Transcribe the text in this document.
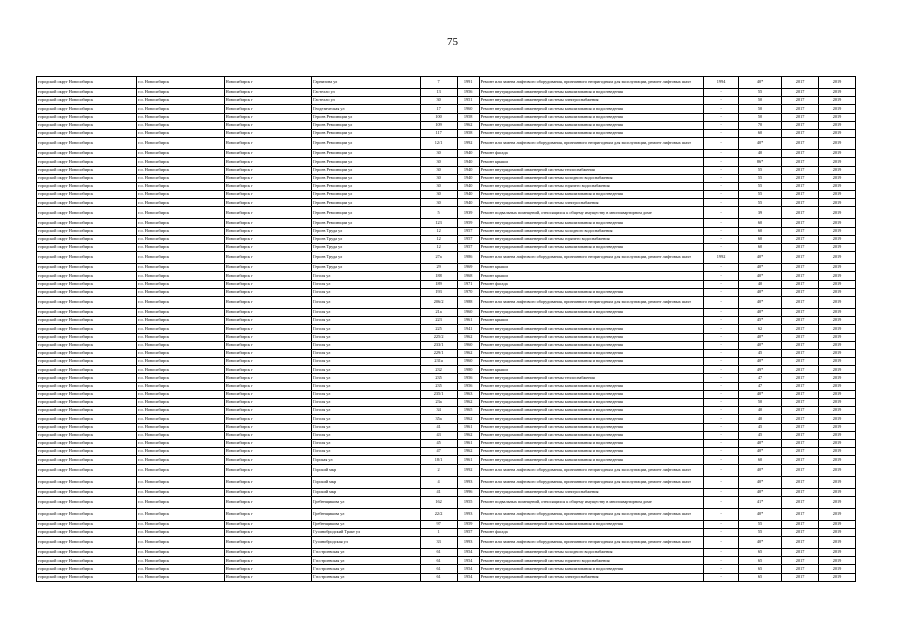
75
городской округ Новосибирск	г.о. Новосибирск	Новосибирск г	Гарнизона ул	7	1991	Ремонт или замена лифтового оборудования, признанного непригодным для эксплуатации, ремонт лифтовых шахт	1994	40*	2017	2019
городской округ Новосибирск	г.о. Новосибирск	Новосибирск г	Гастелло ул	13	1956	Ремонт внутридомовой инженерной системы канализования и водоотведения	-	55	2017	2019
городской округ Новосибирск	г.о. Новосибирск	Новосибирск г	Гастелло ул	30	1951	Ремонт внутридомовой инженерной системы электроснабжения	-	50	2017	2019
городской округ Новосибирск	г.о. Новосибирск	Новосибирск г	Геодезическая ул	17	1960	Ремонт внутридомовой инженерной системы канализования и водоотведения	-	50	2017	2019
городской округ Новосибирск	г.о. Новосибирск	Новосибирск г	Героев Революции ул	100	1958	Ремонт внутридомовой инженерной системы канализования и водоотведения	-	50	2017	2019
городской округ Новосибирск	г.о. Новосибирск	Новосибирск г	Героев Революции ул	109	1962	Ремонт внутридомовой инженерной системы канализования и водоотведения	-	70	2017	2019
городской округ Новосибирск	г.о. Новосибирск	Новосибирск г	Героев Революции ул	117	1958	Ремонт внутридомовой инженерной системы канализования и водоотведения	-	60	2017	2019
городской округ Новосибирск	г.о. Новосибирск	Новосибирск г	Героев Революции ул	12/1	1992	Ремонт или замена лифтового оборудования, признанного непригодным для эксплуатации, ремонт лифтовых шахт	-	40*	2017	2019
городской округ Новосибирск	г.о. Новосибирск	Новосибирск г	Героев Революции ул	30	1940	Ремонт фасада	-	40	2017	2019
городской округ Новосибирск	г.о. Новосибирск	Новосибирск г	Героев Революции ул	30	1940	Ремонт крыши	-	86*	2017	2019
городской округ Новосибирск	г.о. Новосибирск	Новосибирск г	Героев Революции ул	30	1940	Ремонт внутридомовой инженерной системы теплоснабжения	-	55	2017	2019
городской округ Новосибирск	г.о. Новосибирск	Новосибирск г	Героев Революции ул	30	1940	Ремонт внутридомовой инженерной системы холодного водоснабжения	-	55	2017	2019
городской округ Новосибирск	г.о. Новосибирск	Новосибирск г	Героев Революции ул	30	1940	Ремонт внутридомовой инженерной системы горячего водоснабжения	-	55	2017	2019
городской округ Новосибирск	г.о. Новосибирск	Новосибирск г	Героев Революции ул	30	1940	Ремонт внутридомовой инженерной системы канализования и водоотведения	-	55	2017	2019
городской округ Новосибирск	г.о. Новосибирск	Новосибирск г	Героев Революции ул	30	1940	Ремонт внутридомовой инженерной системы электроснабжения	-	55	2017	2019
городской округ Новосибирск	г.о. Новосибирск	Новосибирск г	Героев Революции ул	5	1939	Ремонт подвальных помещений, относящихся к общему имуществу в многоквартирном доме	-	39	2017	2019
городской округ Новосибирск	г.о. Новосибирск	Новосибирск г	Героев Революции ул	123	1959	Ремонт внутридомовой инженерной системы канализования и водоотведения	-	60	2017	2019
городской округ Новосибирск	г.о. Новосибирск	Новосибирск г	Героев Труда ул	12	1957	Ремонт внутридомовой инженерной системы холодного водоснабжения	-	60	2017	2019
городской округ Новосибирск	г.о. Новосибирск	Новосибирск г	Героев Труда ул	12	1957	Ремонт внутридомовой инженерной системы горячего водоснабжения	-	60	2017	2019
городской округ Новосибирск	г.о. Новосибирск	Новосибирск г	Героев Труда ул	12	1957	Ремонт внутридомовой инженерной системы канализования и водоотведения	-	60	2017	2019
городской округ Новосибирск	г.о. Новосибирск	Новосибирск г	Героев Труда ул	27а	1986	Ремонт или замена лифтового оборудования, признанного непригодным для эксплуатации, ремонт лифтовых шахт	1992	40*	2017	2019
городской округ Новосибирск	г.о. Новосибирск	Новосибирск г	Героев Труда ул	29	1969	Ремонт крыши	-	40*	2017	2019
городской округ Новосибирск	г.о. Новосибирск	Новосибирск г	Гоголя ул	188	1968	Ремонт крыши	-	40*	2017	2019
городской округ Новосибирск	г.о. Новосибирск	Новосибирск г	Гоголя ул	189	1971	Ремонт фасада	-	40	2017	2019
городской округ Новосибирск	г.о. Новосибирск	Новосибирск г	Гоголя ул	193	1970	Ремонт внутридомовой инженерной системы канализования и водоотведения	-	40*	2017	2019
городской округ Новосибирск	г.о. Новосибирск	Новосибирск г	Гоголя ул	206/2	1988	Ремонт или замена лифтового оборудования, признанного непригодным для эксплуатации, ремонт лифтовых шахт	-	40*	2017	2019
городской округ Новосибирск	г.о. Новосибирск	Новосибирск г	Гоголя ул	21а	1960	Ремонт внутридомовой инженерной системы канализования и водоотведения	-	40*	2017	2019
городской округ Новосибирск	г.о. Новосибирск	Новосибирск г	Гоголя ул	223	1961	Ремонт крыши	-	45*	2017	2019
городской округ Новосибирск	г.о. Новосибирск	Новосибирск г	Гоголя ул	225	1941	Ремонт внутридомовой инженерной системы канализования и водоотведения	-	62	2017	2019
городской округ Новосибирск	г.о. Новосибирск	Новосибирск г	Гоголя ул	225/2	1962	Ремонт внутридомовой инженерной системы канализования и водоотведения	-	40*	2017	2019
городской округ Новосибирск	г.о. Новосибирск	Новосибирск г	Гоголя ул	233/1	1960	Ремонт внутридомовой инженерной системы канализования и водоотведения	-	40*	2017	2019
городской округ Новосибирск	г.о. Новосибирск	Новосибирск г	Гоголя ул	229/1	1962	Ремонт внутридомовой инженерной системы канализования и водоотведения	-	45	2017	2019
городской округ Новосибирск	г.о. Новосибирск	Новосибирск г	Гоголя ул	231а	1960	Ремонт внутридомовой инженерной системы канализования и водоотведения	-	40*	2017	2019
городской округ Новосибирск	г.о. Новосибирск	Новосибирск г	Гоголя ул	232	1980	Ремонт крыши	-	49*	2017	2019
городской округ Новосибирск	г.о. Новосибирск	Новосибирск г	Гоголя ул	235	1956	Ремонт внутридомовой инженерной системы теплоснабжения	-	47	2017	2019
городской округ Новосибирск	г.о. Новосибирск	Новосибирск г	Гоголя ул	235	1956	Ремонт внутридомовой инженерной системы канализования и водоотведения	-	47	2017	2019
городской округ Новосибирск	г.о. Новосибирск	Новосибирск г	Гоголя ул	235/1	1963	Ремонт внутридомовой инженерной системы канализования и водоотведения	-	40*	2017	2019
городской округ Новосибирск	г.о. Новосибирск	Новосибирск г	Гоголя ул	23а	1962	Ремонт внутридомовой инженерной системы канализования и водоотведения	-	50	2017	2019
городской округ Новосибирск	г.о. Новосибирск	Новосибирск г	Гоголя ул	34	1965	Ремонт внутридомовой инженерной системы канализования и водоотведения	-	40	2017	2019
городской округ Новосибирск	г.о. Новосибирск	Новосибирск г	Гоголя ул	35а	1962	Ремонт внутридомовой инженерной системы канализования и водоотведения	-	40	2017	2019
городской округ Новосибирск	г.о. Новосибирск	Новосибирск г	Гоголя ул	41	1961	Ремонт внутридомовой инженерной системы канализования и водоотведения	-	45	2017	2019
городской округ Новосибирск	г.о. Новосибирск	Новосибирск г	Гоголя ул	43	1962	Ремонт внутридомовой инженерной системы канализования и водоотведения	-	45	2017	2019
городской округ Новосибирск	г.о. Новосибирск	Новосибирск г	Гоголя ул	45	1961	Ремонт внутридомовой инженерной системы канализования и водоотведения	-	40*	2017	2019
городской округ Новосибирск	г.о. Новосибирск	Новосибирск г	Гоголя ул	47	1962	Ремонт внутридомовой инженерной системы канализования и водоотведения	-	40*	2017	2019
городской округ Новосибирск	г.о. Новосибирск	Новосибирск г	Горская ул	18/1	1961	Ремонт внутридомовой инженерной системы канализования и водоотведения	-	60	2017	2019
городской округ Новосибирск	г.о. Новосибирск	Новосибирск г	Горский мкр	2	1992	Ремонт или замена лифтового оборудования, признанного непригодным для эксплуатации, ремонт лифтовых шахт	-	40*	2017	2019
городской округ Новосибирск	г.о. Новосибирск	Новосибирск г	Горский мкр	4	1993	Ремонт или замена лифтового оборудования, признанного непригодным для эксплуатации, ремонт лифтовых шахт	-	40*	2017	2019
городской округ Новосибирск	г.о. Новосибирск	Новосибирск г	Горский мкр	41	1996	Ремонт внутридомовой инженерной системы электроснабжения	-	40*	2017	2019
городской округ Новосибирск	г.о. Новосибирск	Новосибирск г	Гребенщикова ул	162	1955	Ремонт подвальных помещений, относящихся к общему имуществу в многоквартирном доме	-	41*	2017	2019
городской округ Новосибирск	г.о. Новосибирск	Новосибирск г	Гребенщикова ул	22/2	1993	Ремонт или замена лифтового оборудования, признанного непригодным для эксплуатации, ремонт лифтовых шахт	-	40*	2017	2019
городской округ Новосибирск	г.о. Новосибирск	Новосибирск г	Гребенщикова ул	97	1959	Ремонт внутридомовой инженерной системы канализования и водоотведения	-	55	2017	2019
городской округ Новосибирск	г.о. Новосибирск	Новосибирск г	Гусинобродский Тракт ул	1	1957	Ремонт фасада	-	55	2017	2019
городской округ Новосибирск	г.о. Новосибирск	Новосибирск г	Гусинобродская ул	33	1993	Ремонт или замена лифтового оборудования, признанного непригодным для эксплуатации, ремонт лифтовых шахт	-	40*	2017	2019
городской округ Новосибирск	г.о. Новосибирск	Новосибирск г	Гэсстроевская ул	61	1954	Ремонт внутридомовой инженерной системы холодного водоснабжения	-	65	2017	2019
городской округ Новосибирск	г.о. Новосибирск	Новосибирск г	Гэсстроевская ул	61	1954	Ремонт внутридомовой инженерной системы горячего водоснабжения	-	65	2017	2019
городской округ Новосибирск	г.о. Новосибирск	Новосибирск г	Гэсстроевская ул	61	1954	Ремонт внутридомовой инженерной системы канализования и водоотведения	-	65	2017	2019
городской округ Новосибирск	г.о. Новосибирск	Новосибирск г	Гэсстроевская ул	61	1954	Ремонт внутридомовой инженерной системы электроснабжения	-	65	2017	2019
